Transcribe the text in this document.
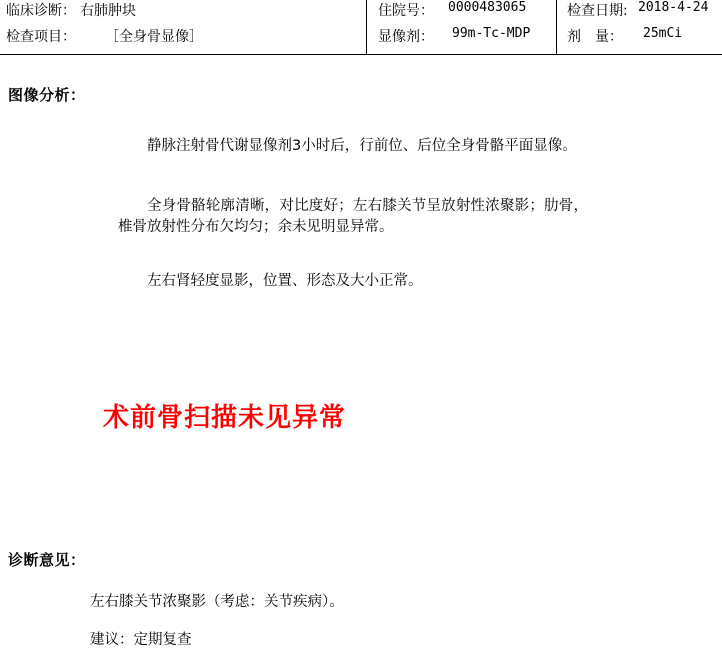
临床诊断： 右肺肿块	住院号： 0000483065	检查日期: 2018-4-24
检查项目： ［全身骨显像］	显像剂： 99m-Tc-MDP	剂　量： 25mCi
图像分析：
静脉注射骨代谢显像剂3小时后，行前位、后位全身骨骼平面显像。
全身骨骼轮廓清晰，对比度好；左右膝关节呈放射性浓聚影；肋骨，椎骨放射性分布欠均匀；余未见明显异常。
左右肾轻度显影，位置、形态及大小正常。
术前骨扫描未见异常
诊断意见：
左右膝关节浓聚影（考虑：关节疾病）。
建议：定期复查
